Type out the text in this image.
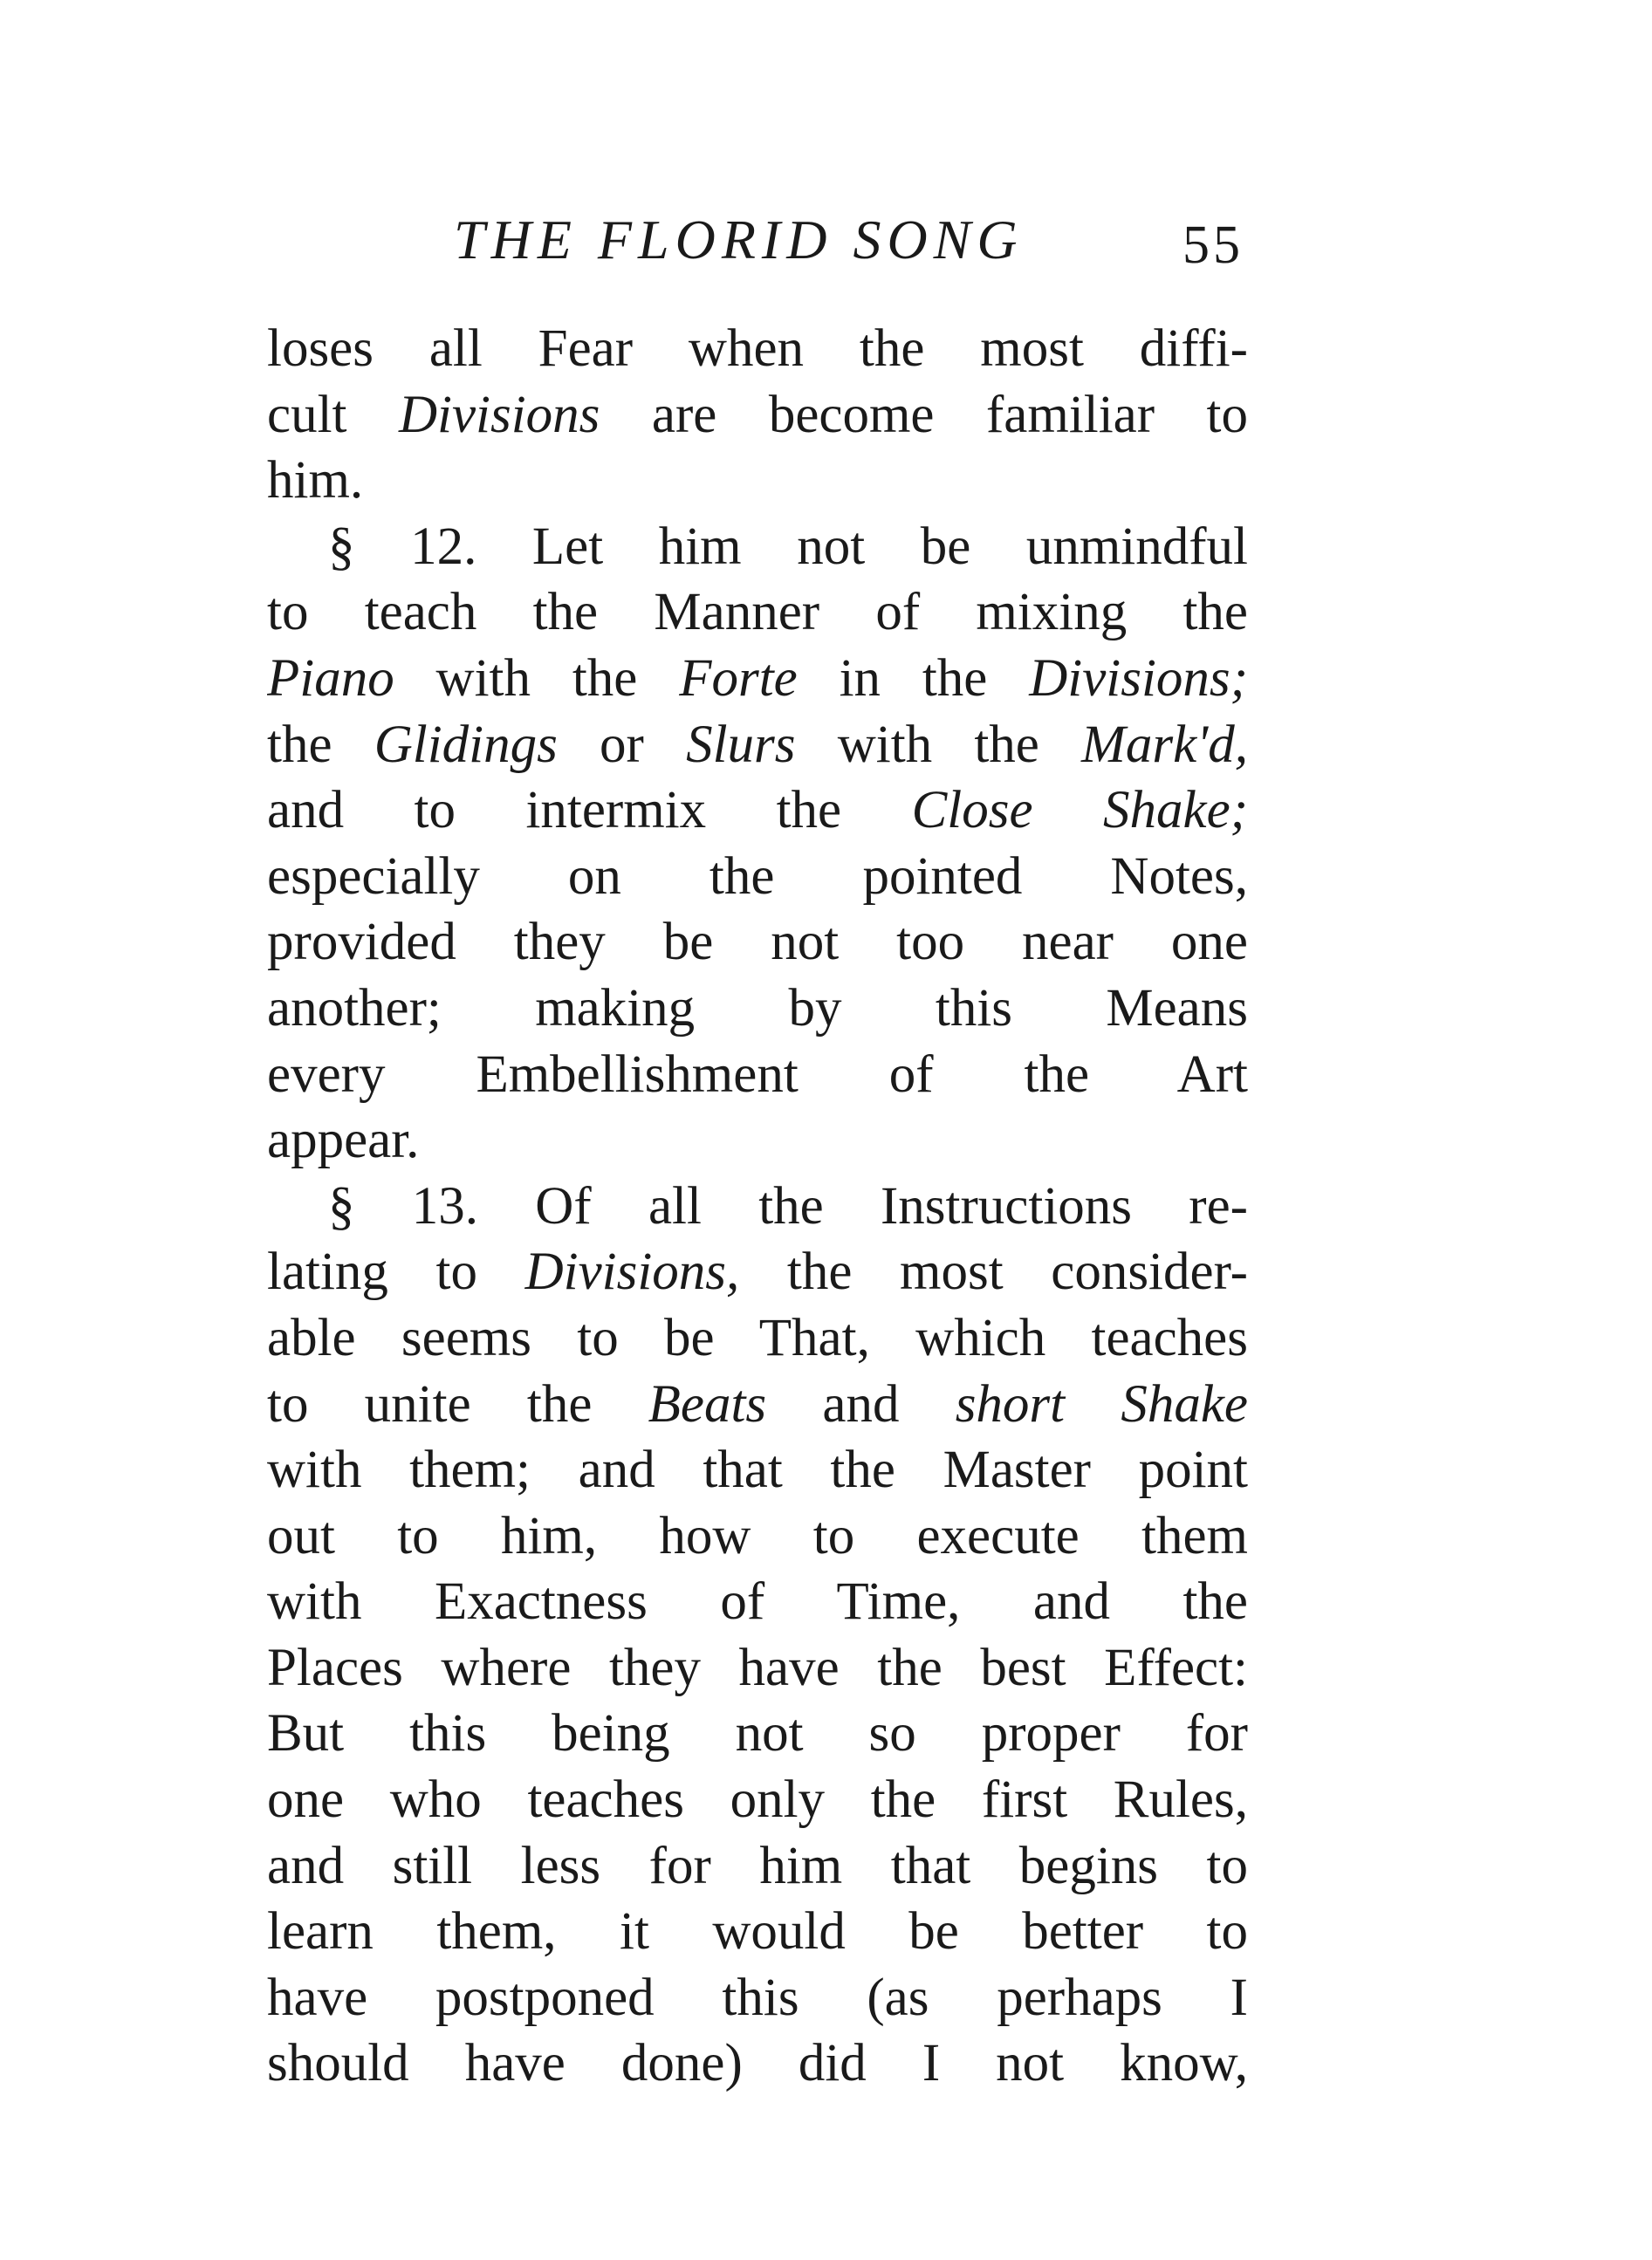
THE FLORID SONG	55
loses all Fear when the most diffi-
cult Divisions are become familiar to
him.
§ 12. Let him not be unmindful
to teach the Manner of mixing the
Piano with the Forte in the Divisions;
the Glidings or Slurs with the Mark'd,
and to intermix the Close Shake;
especially on the pointed Notes,
provided they be not too near one
another; making by this Means
every Embellishment of the Art
appear.
§ 13. Of all the Instructions re-
lating to Divisions, the most consider-
able seems to be That, which teaches
to unite the Beats and short Shake
with them; and that the Master point
out to him, how to execute them
with Exactness of Time, and the
Places where they have the best Effect:
But this being not so proper for
one who teaches only the first Rules,
and still less for him that begins to
learn them, it would be better to
have postponed this (as perhaps I
should have done) did I not know,
